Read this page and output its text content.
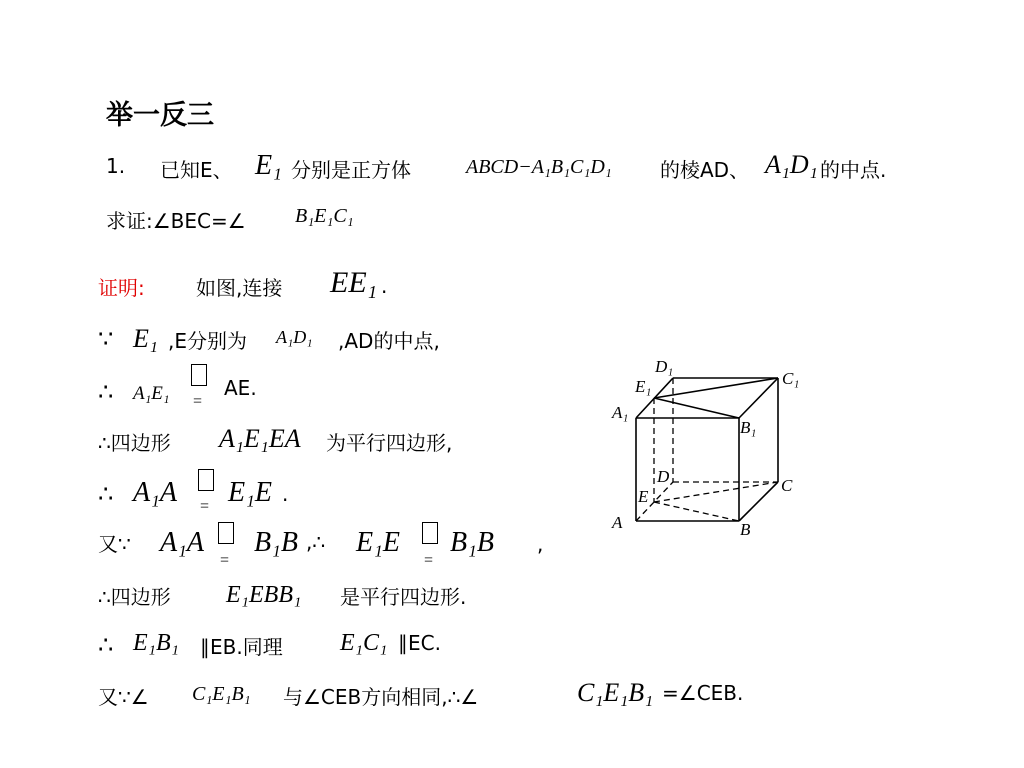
举一反三
1. 已知E、 E₁ 分别是正方体	ABCD−A₁B₁C₁D₁ 的棱AD、 A₁D₁ 的中点.
求证:∠BEC=∠ B₁E₁C₁
证明:	如图,连接 EE₁ .
∵ E₁ ,E分别为 A₁D₁ ,AD的中点,
∴ A₁E₁ =
AE.
∴四边形 A₁E₁EA 为平行四边形,
∴ A₁A = E₁E .
又∵ A₁A
=
B₁B ,∴ E₁E
=
B₁B ,
∴四边形 E₁EBB₁ 是平行四边形.
∴ E₁B₁ ∥EB.同理 E₁C₁ ∥EC.
又∵∠ C₁E₁B₁ 与∠CEB方向相同,∴∠	C₁E₁B₁ =∠CEB.
D₁
C₁
E₁
A₁
B₁
D	C
E
A	B
